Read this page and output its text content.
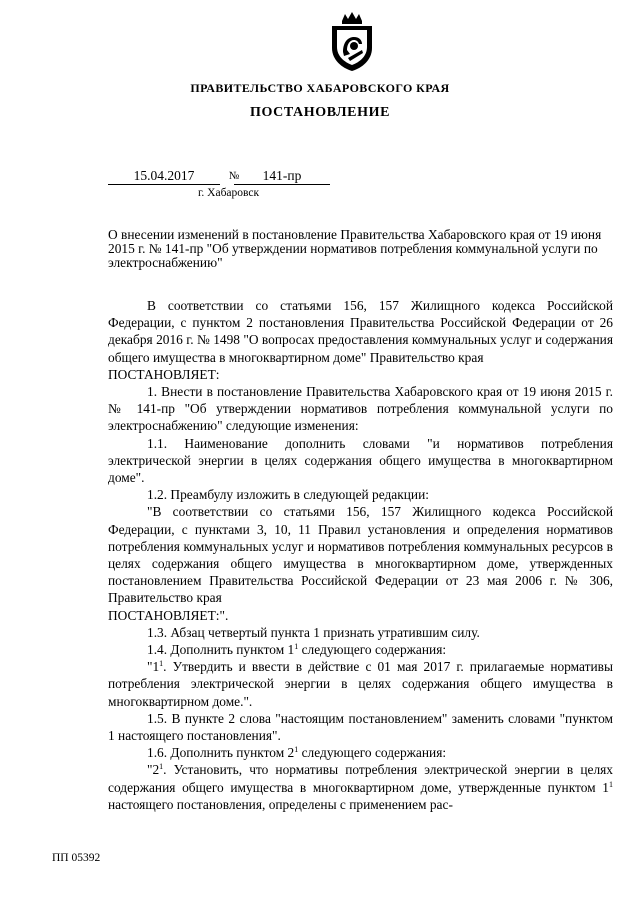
ПРАВИТЕЛЬСТВО ХАБАРОВСКОГО КРАЯ
ПОСТАНОВЛЕНИЕ
15.04.2017	№	141-пр
г. Хабаровск
О внесении изменений в постановление Правительства Хабаровского края от 19 июня 2015 г. № 141-пр "Об утверждении нормативов потребления коммунальной услуги по электроснабжению"

В соответствии со статьями 156, 157 Жилищного кодекса Российской Федерации, с пунктом 2 постановления Правительства Российской Федерации от 26 декабря 2016 г. № 1498 "О вопросах предоставления коммунальных услуг и содержания общего имущества в многоквартирном доме" Правительство края

ПОСТАНОВЛЯЕТ:

1. Внести в постановление Правительства Хабаровского края от 19 июня 2015 г. № 141-пр "Об утверждении нормативов потребления коммунальной услуги по электроснабжению" следующие изменения:

1.1. Наименование дополнить словами "и нормативов потребления электрической энергии в целях содержания общего имущества в многоквартирном доме".

1.2. Преамбулу изложить в следующей редакции:

"В соответствии со статьями 156, 157 Жилищного кодекса Российской Федерации, с пунктами 3, 10, 11 Правил установления и определения нормативов потребления коммунальных услуг и нормативов потребления коммунальных ресурсов в целях содержания общего имущества в многоквартирном доме, утвержденных постановлением Правительства Российской Федерации от 23 мая 2006 г. № 306, Правительство края

ПОСТАНОВЛЯЕТ:".

1.3. Абзац четвертый пункта 1 признать утратившим силу.

1.4. Дополнить пунктом $1^1$ следующего содержания:

"$1^1$. Утвердить и ввести в действие с 01 мая 2017 г. прилагаемые нормативы потребления электрической энергии в целях содержания общего имущества в многоквартирном доме.".

1.5. В пункте 2 слова "настоящим постановлением" заменить словами "пунктом 1 настоящего постановления".

1.6. Дополнить пунктом $2^1$ следующего содержания:

"$2^1$. Установить, что нормативы потребления электрической энергии в целях содержания общего имущества в многоквартирном доме, утвержденные пунктом $1^1$ настоящего постановления, определены с применением рас-

ПП 05392
